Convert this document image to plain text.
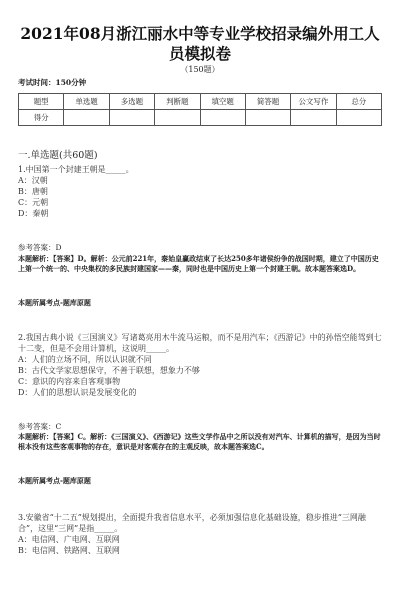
2021年08月浙江丽水中等专业学校招录编外用工人
员模拟卷
（150题）
考试时间：150分钟
题型	单选题	多选题	判断题	填空题	简答题	公文写作	总分
得分							
一.单选题(共60题)
1.中国第一个封建王朝是_____。
A：汉朝
B：唐朝
C：元朝
D：秦朝
参考答案：D
本题解析：【答案】D。解析：公元前221年，秦始皇赢政结束了长达250多年诸侯纷争的战国时期，建立了中国历史上第一个统一的、中央集权的多民族封建国家——秦，同时也是中国历史上第一个封建王朝。故本题答案选D。
本题所属考点-题库原题
2.我国古典小说《三国演义》写诸葛亮用木牛流马运粮，而不是用汽车；《西游记》中的孙悟空能驾到七十二变，但是不会用计算机，这说明_____。
A：人们的立场不同，所以认识就不同
B：古代文学家思想保守，不善于联想，想象力不够
C：意识的内容来自客观事物
D：人们的思想认识是发展变化的
参考答案：C
本题解析：【答案】C。解析：《三国演义》、《西游记》这些文学作品中之所以没有对汽车、计算机的描写，是因为当时根本没有这些客观事物的存在，意识是对客观存在的主观反映，故本题答案选C。
本题所属考点-题库原题
3.安徽省“十二五”规划提出，全面提升我省信息水平，必须加强信息化基础设施，稳步推进“三网融合”，这里“三网”是指_____。
A：电信网、广电网、互联网
B：电信网、铁路网、互联网
